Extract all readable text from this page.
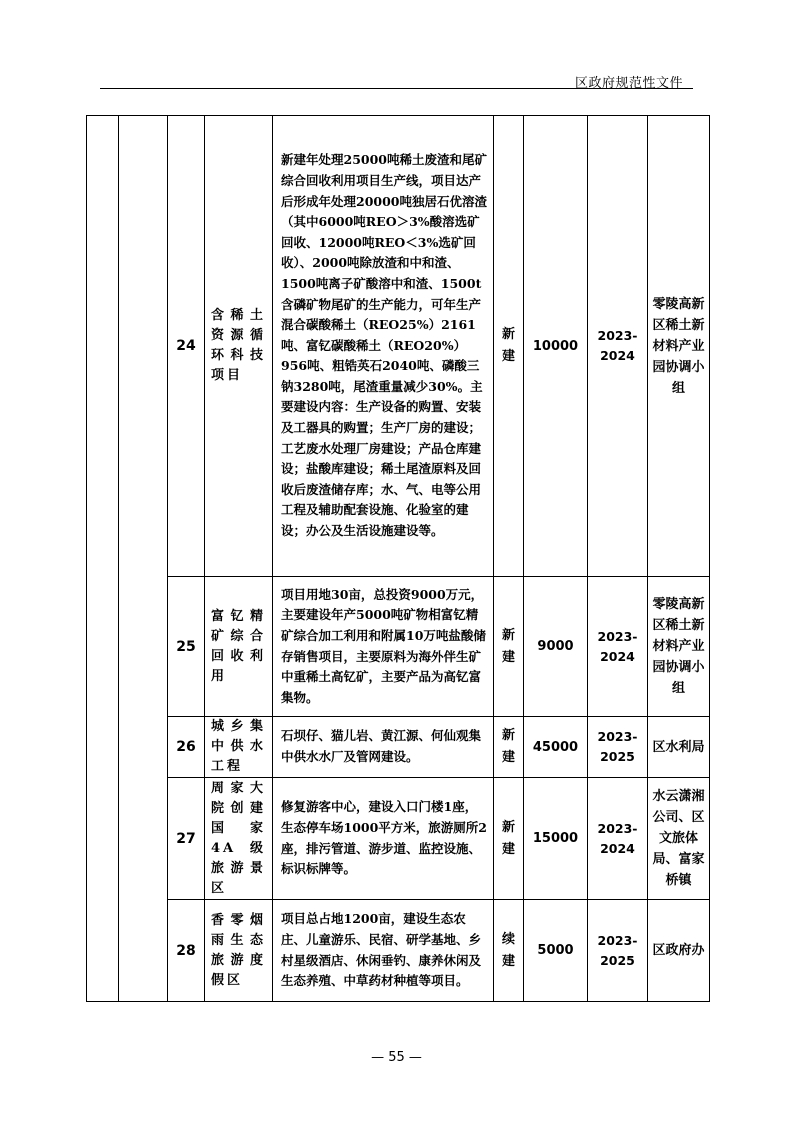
区政府规范性文件
		24	含稀土资源循环科技项目	新建年处理25000吨稀土废渣和尾矿综合回收利用项目生产线，项目达产后形成年处理20000吨独居石优溶渣（其中6000吨REO＞3%酸溶选矿回收、12000吨REO＜3%选矿回收）、2000吨除放渣和中和渣、1500吨离子矿酸溶中和渣、1500t含磷矿物尾矿的生产能力，可年生产混合碳酸稀土（REO25%）2161吨、富钇碳酸稀土（REO20%）956吨、粗锆英石2040吨、磷酸三钠3280吨，尾渣重量减少30%。主要建设内容：生产设备的购置、安装及工器具的购置；生产厂房的建设；工艺废水处理厂房建设；产品仓库建设；盐酸库建设；稀土尾渣原料及回收后废渣储存库；水、气、电等公用工程及辅助配套设施、化验室的建设；办公及生活设施建设等。	新建	10000	2023-
2024	零陵高新区稀土新材料产业园协调小组
		25	富钇精矿综合回收利用	项目用地30亩，总投资9000万元，主要建设年产5000吨矿物相富钇精矿综合加工利用和附属10万吨盐酸储存销售项目，主要原料为海外伴生矿中重稀土高钇矿，主要产品为高钇富集物。	新建	9000	2023-
2024	零陵高新区稀土新材料产业园协调小组
		26	城乡集中供水工程	石坝仔、猫儿岩、黄江源、何仙观集中供水水厂及管网建设。	新建	45000	2023-
2025	区水利局
		27	周家大院创建国家4A级旅游景区	修复游客中心，建设入口门楼1座，生态停车场1000平方米，旅游厕所2座，排污管道、游步道、监控设施、标识标牌等。	新建	15000	2023-
2024	水云潇湘公司、区文旅体局、富家桥镇
		28	香零烟雨生态旅游度假区	项目总占地1200亩，建设生态农庄、儿童游乐、民宿、研学基地、乡村星级酒店、休闲垂钓、康养休闲及生态养殖、中草药材种植等项目。	续建	5000	2023-
2025	区政府办
— 55 —
